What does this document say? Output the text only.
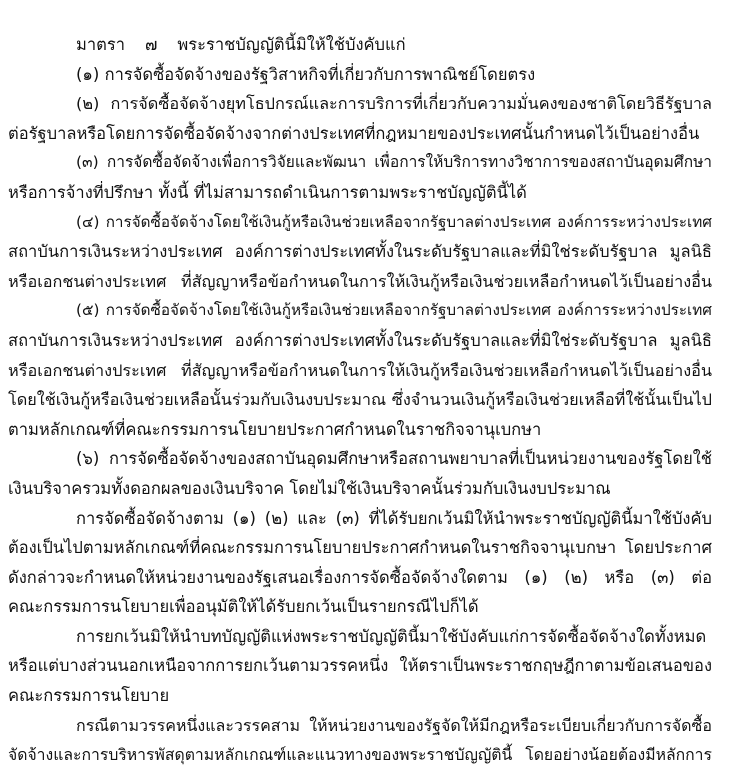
มาตรา ๗ พระราชบัญญัตินี้มิให้ใช้บังคับแก่
(๑) การจัดซื้อจัดจ้างของรัฐวิสาหกิจที่เกี่ยวกับการพาณิชย์โดยตรง
(๒) การจัดซื้อจัดจ้างยุทโธปกรณ์และการบริการที่เกี่ยวกับความมั่นคงของชาติโดยวิธีรัฐบาล
ต่อรัฐบาลหรือโดยการจัดซื้อจัดจ้างจากต่างประเทศที่กฎหมายของประเทศนั้นกำหนดไว้เป็นอย่างอื่น
(๓) การจัดซื้อจัดจ้างเพื่อการวิจัยและพัฒนา เพื่อการให้บริการทางวิชาการของสถาบันอุดมศึกษา
หรือการจ้างที่ปรึกษา ทั้งนี้ ที่ไม่สามารถดำเนินการตามพระราชบัญญัตินี้ได้
(๔) การจัดซื้อจัดจ้างโดยใช้เงินกู้หรือเงินช่วยเหลือจากรัฐบาลต่างประเทศ องค์การระหว่างประเทศ
สถาบันการเงินระหว่างประเทศ องค์การต่างประเทศทั้งในระดับรัฐบาลและที่มิใช่ระดับรัฐบาล มูลนิธิ
หรือเอกชนต่างประเทศ ที่สัญญาหรือข้อกำหนดในการให้เงินกู้หรือเงินช่วยเหลือกำหนดไว้เป็นอย่างอื่น
(๕) การจัดซื้อจัดจ้างโดยใช้เงินกู้หรือเงินช่วยเหลือจากรัฐบาลต่างประเทศ องค์การระหว่างประเทศ
สถาบันการเงินระหว่างประเทศ องค์การต่างประเทศทั้งในระดับรัฐบาลและที่มิใช่ระดับรัฐบาล มูลนิธิ
หรือเอกชนต่างประเทศ ที่สัญญาหรือข้อกำหนดในการให้เงินกู้หรือเงินช่วยเหลือกำหนดไว้เป็นอย่างอื่น
โดยใช้เงินกู้หรือเงินช่วยเหลือนั้นร่วมกับเงินงบประมาณ ซึ่งจำนวนเงินกู้หรือเงินช่วยเหลือที่ใช้นั้นเป็นไป
ตามหลักเกณฑ์ที่คณะกรรมการนโยบายประกาศกำหนดในราชกิจจานุเบกษา
(๖) การจัดซื้อจัดจ้างของสถาบันอุดมศึกษาหรือสถานพยาบาลที่เป็นหน่วยงานของรัฐโดยใช้
เงินบริจาครวมทั้งดอกผลของเงินบริจาค โดยไม่ใช้เงินบริจาคนั้นร่วมกับเงินงบประมาณ
การจัดซื้อจัดจ้างตาม (๑) (๒) และ (๓) ที่ได้รับยกเว้นมิให้นำพระราชบัญญัตินี้มาใช้บังคับ
ต้องเป็นไปตามหลักเกณฑ์ที่คณะกรรมการนโยบายประกาศกำหนดในราชกิจจานุเบกษา โดยประกาศ
ดังกล่าวจะกำหนดให้หน่วยงานของรัฐเสนอเรื่องการจัดซื้อจัดจ้างใดตาม (๑) (๒) หรือ (๓) ต่อ
คณะกรรมการนโยบายเพื่ออนุมัติให้ได้รับยกเว้นเป็นรายกรณีไปก็ได้
การยกเว้นมิให้นำบทบัญญัติแห่งพระราชบัญญัตินี้มาใช้บังคับแก่การจัดซื้อจัดจ้างใดทั้งหมด
หรือแต่บางส่วนนอกเหนือจากการยกเว้นตามวรรคหนึ่ง ให้ตราเป็นพระราชกฤษฎีกาตามข้อเสนอของ
คณะกรรมการนโยบาย
กรณีตามวรรคหนึ่งและวรรคสาม ให้หน่วยงานของรัฐจัดให้มีกฎหรือระเบียบเกี่ยวกับการจัดซื้อ
จัดจ้างและการบริหารพัสดุตามหลักเกณฑ์และแนวทางของพระราชบัญญัตินี้ โดยอย่างน้อยต้องมีหลักการ
